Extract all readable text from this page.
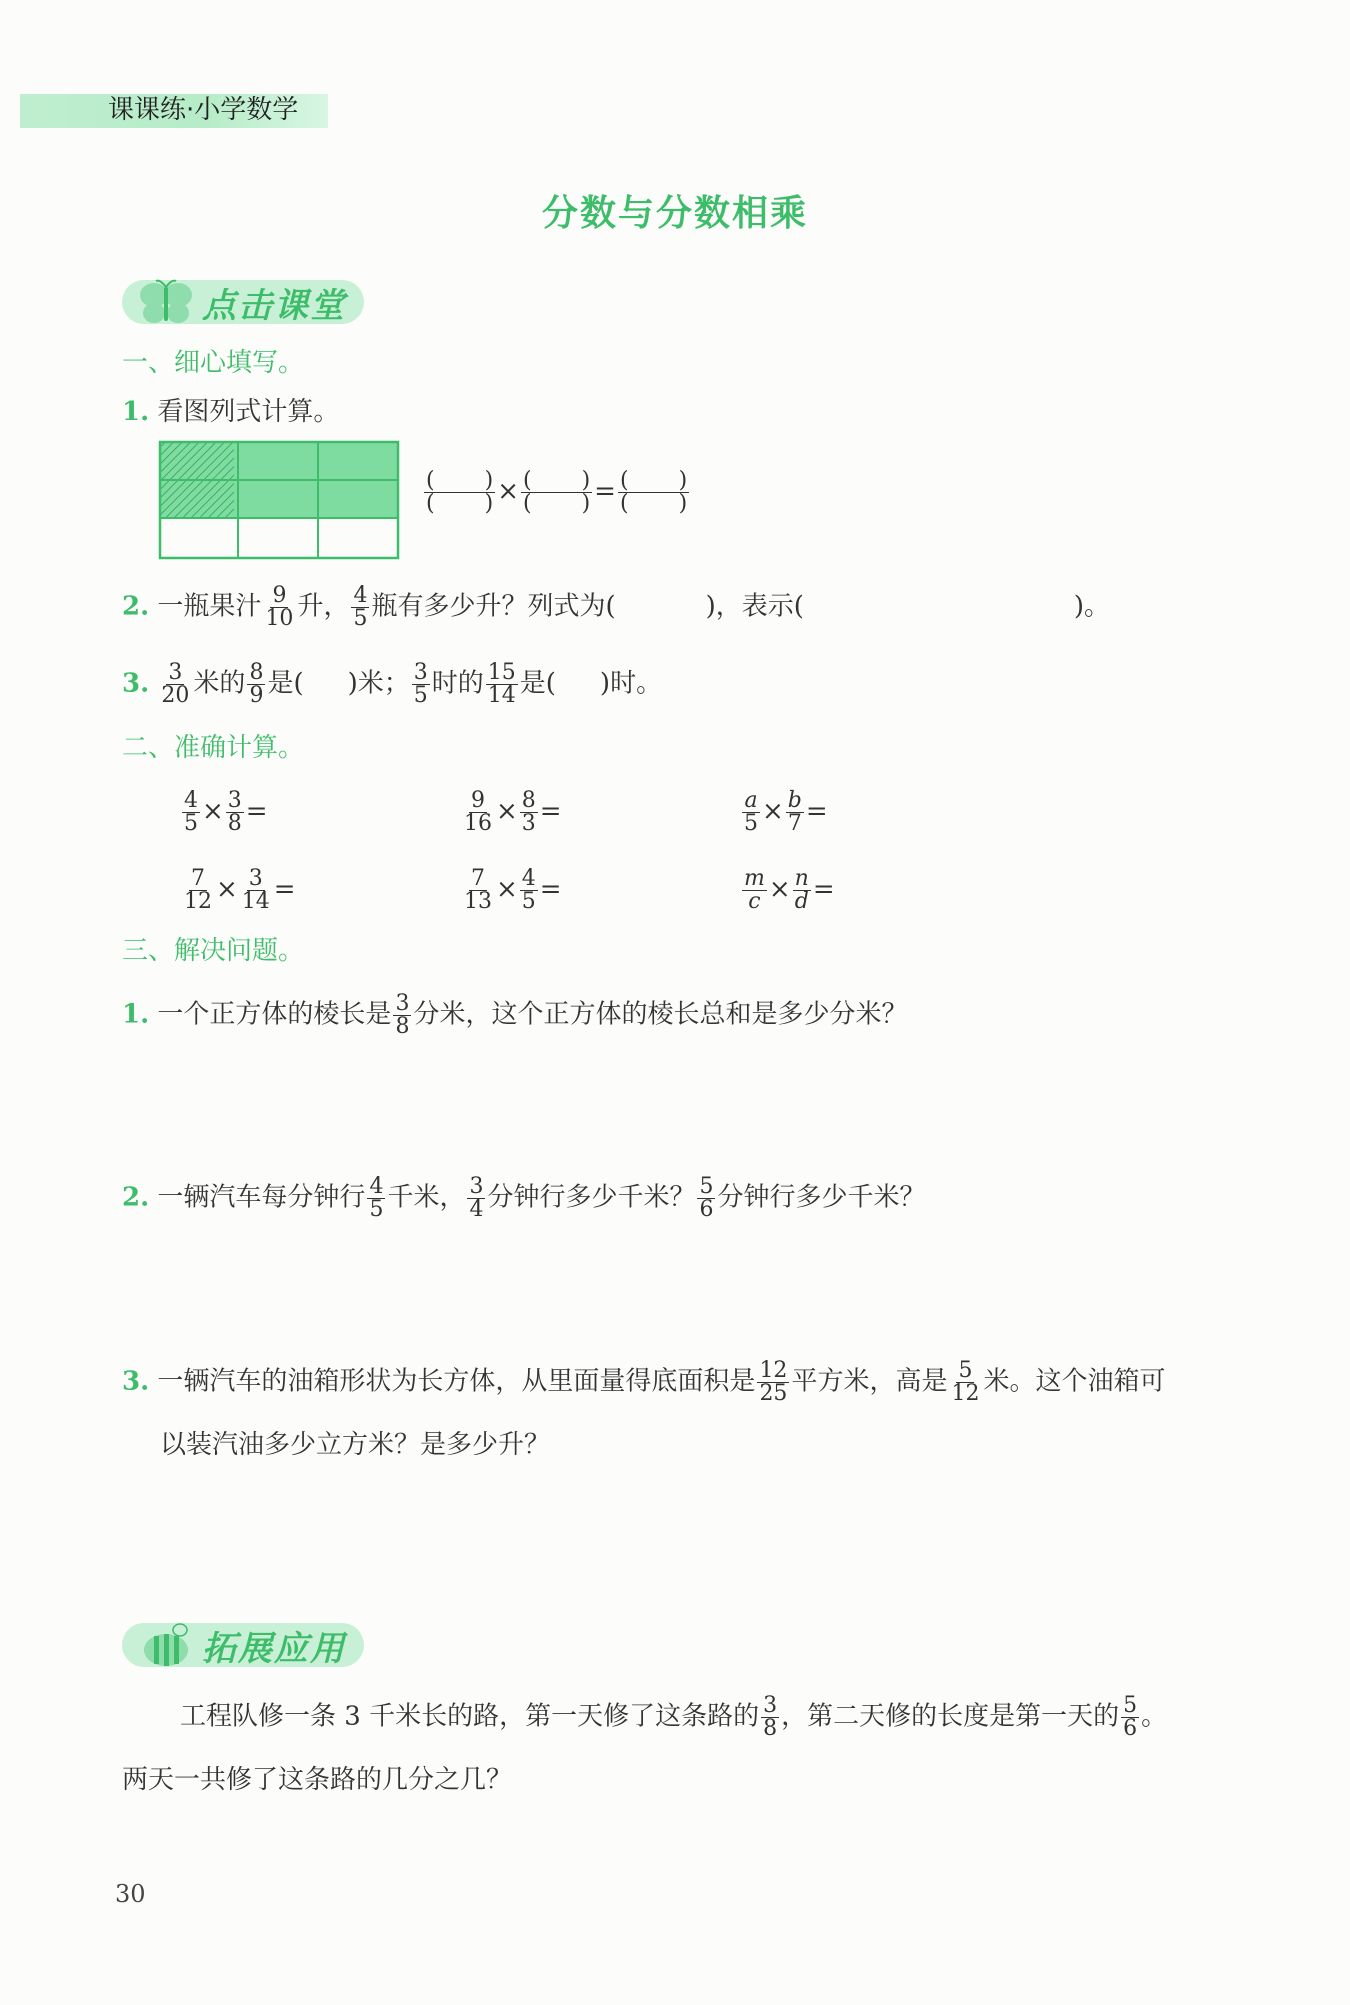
课课练·小学数学
分数与分数相乘
点击课堂
一、细心填写。
1. 看图列式计算。
$\frac{( )}{( )} \times \frac{( )}{( )} = \frac{( )}{( )}$
2. 一瓶果汁 $\frac{9}{10}$ 升， $\frac{4}{5}$ 瓶有多少升？列式为(	)，表示(	)。
3. $\frac{3}{20}$ 米的 $\frac{8}{9}$ 是( )米； $\frac{3}{5}$ 时的 $\frac{15}{14}$ 是( )时。
二、准确计算。
$\frac{4}{5} \times \frac{3}{8}$ =	$\frac{9}{16} \times \frac{8}{3}$ =	$\frac{a}{5} \times \frac{b}{7}$ =
$\frac{7}{12} \times \frac{3}{14}$ =	$\frac{7}{13} \times \frac{4}{5}$ =	$\frac{m}{c} \times \frac{n}{d}$ =
三、解决问题。
1. 一个正方体的棱长是 $\frac{3}{8}$ 分米，这个正方体的棱长总和是多少分米？
2. 一辆汽车每分钟行 $\frac{4}{5}$ 千米， $\frac{3}{4}$ 分钟行多少千米？ $\frac{5}{6}$ 分钟行多少千米？
3. 一辆汽车的油箱形状为长方体，从里面量得底面积是 $\frac{12}{25}$ 平方米，高是 $\frac{5}{12}$ 米。这个油箱可
以装汽油多少立方米？是多少升？
拓展应用
工程队修一条 3 千米长的路，第一天修了这条路的 $\frac{3}{8}$ ，第二天修的长度是第一天的 $\frac{5}{6}$ 。
两天一共修了这条路的几分之几？
30
